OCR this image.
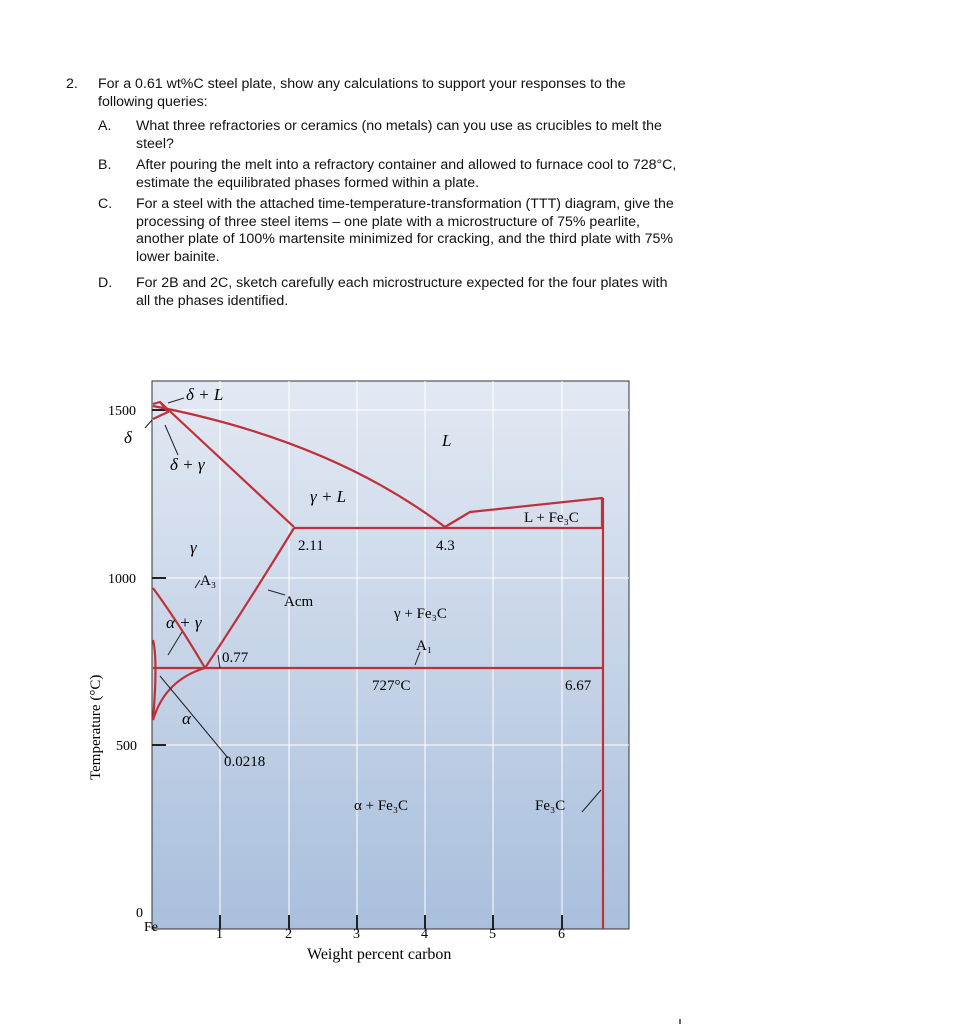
2. For a 0.61 wt%C steel plate, show any calculations to support your responses to the
following queries:
A. What three refractories or ceramics (no metals) can you use as crucibles to melt the
steel?
B. After pouring the melt into a refractory container and allowed to furnace cool to 728°C,
estimate the equilibrated phases formed within a plate.
C. For a steel with the attached time-temperature-transformation (TTT) diagram, give the
processing of three steel items – one plate with a microstructure of 75% pearlite,
another plate of 100% martensite minimized for cracking, and the third plate with 75%
lower bainite.
D. For 2B and 2C, sketch carefully each microstructure expected for the four plates with
all the phases identified.
Temperature (°C)
1500
1000
500
0
Fe	1	2	3	4	5	6
Weight percent carbon
δ + L
δ
δ + γ
L
γ + L
γ
α + γ
α
L + Fe₃C
2.11	4.3
A₃
Acm
γ + Fe₃C
A₁
0.77
727°C	6.67
0.0218
α + Fe₃C	Fe₃C
